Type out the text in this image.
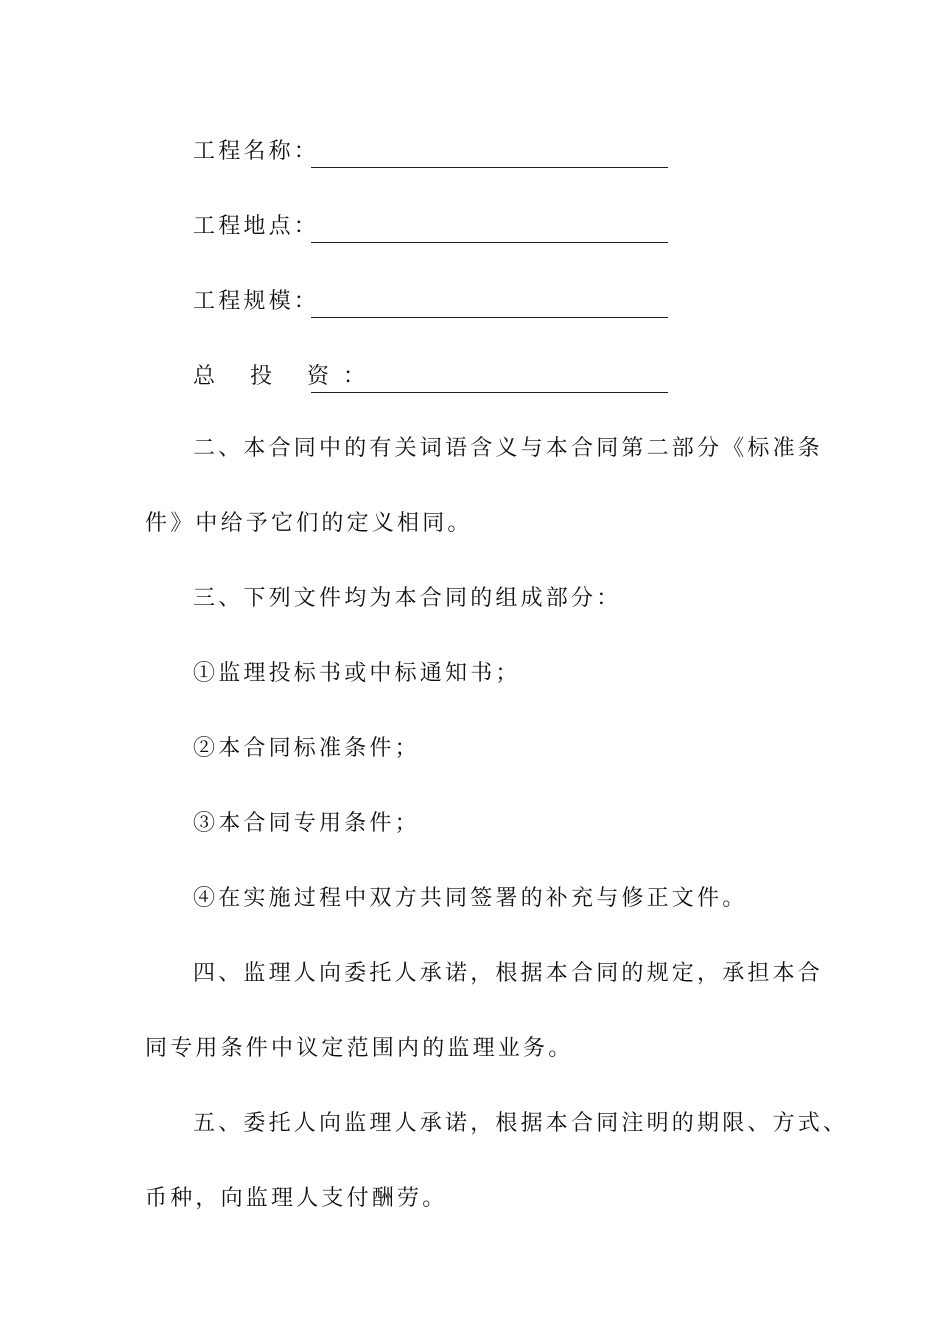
工程名称：
工程地点：
工程规模：
总 投 资：
二、本合同中的有关词语含义与本合同第二部分《标准条
件》中给予它们的定义相同。
三、下列文件均为本合同的组成部分：
①监理投标书或中标通知书；
②本合同标准条件；
③本合同专用条件；
④在实施过程中双方共同签署的补充与修正文件。
四、监理人向委托人承诺，根据本合同的规定，承担本合
同专用条件中议定范围内的监理业务。
五、委托人向监理人承诺，根据本合同注明的期限、方式、
币种，向监理人支付酬劳。
